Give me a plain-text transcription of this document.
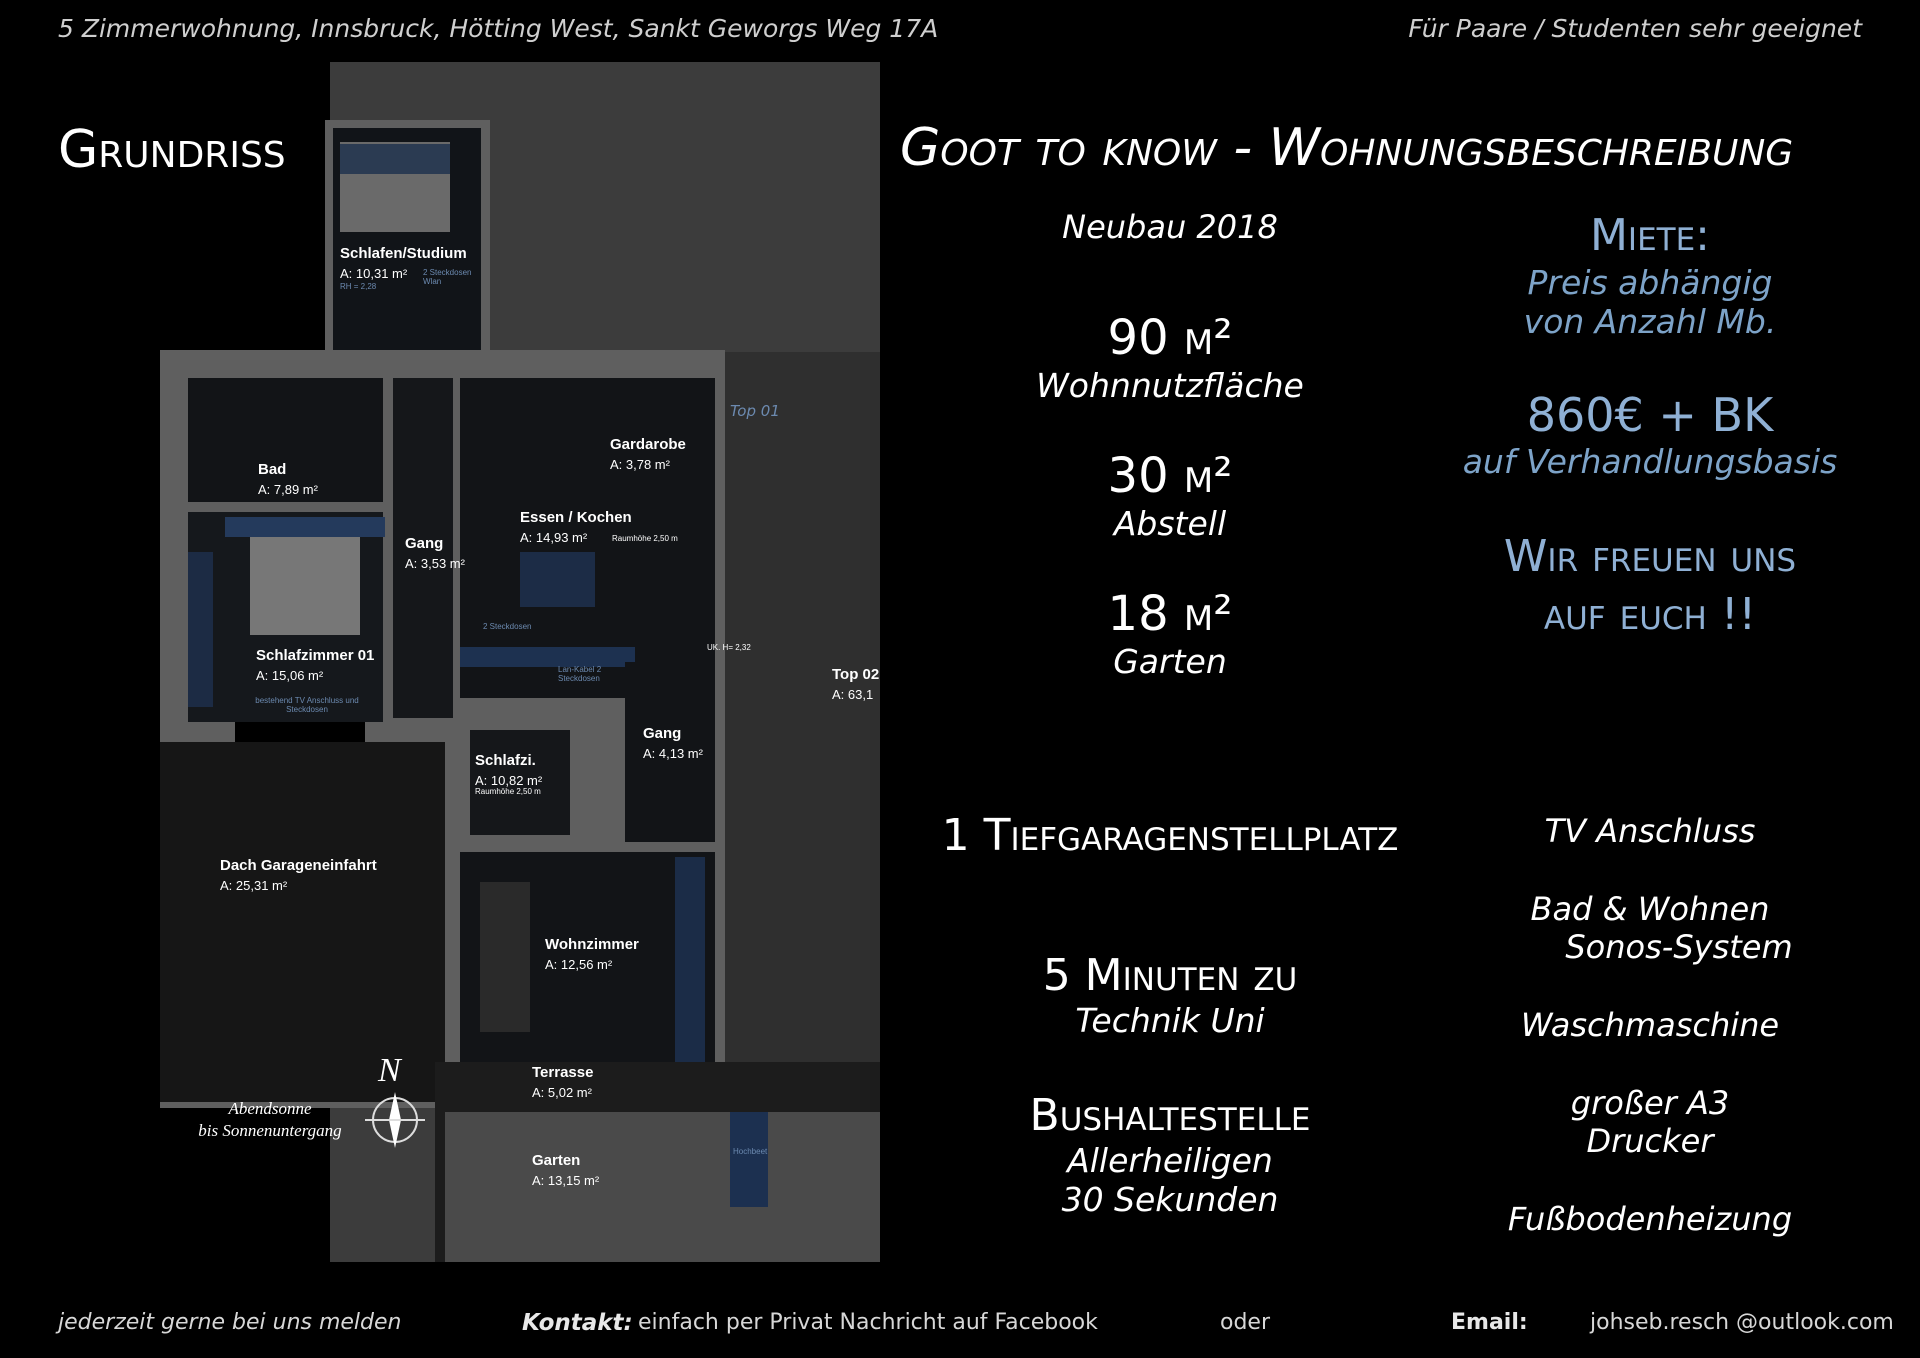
5 Zimmerwohnung, Innsbruck, Hötting West, Sankt Geworgs Weg 17A	Für Paare / Studenten sehr geeignet
Schlafen/Studium
A: 10,31 m²
RH = 2,28
2 Steckdosen Wlan
Bad
A: 7,89 m²
Gardarobe
A: 3,78 m²
Top 01
Essen / Kochen
A: 14,93 m²	Raumhöhe 2,50 m
Gang
A: 3,53 m²
2 Steckdosen
Schlafzimmer 01
A: 15,06 m²
bestehend TV Anschluss und Steckdosen
Lan-Kabel 2 Steckdosen
UK. H= 2,32
Gang
A: 4,13 m²
Schlafzi.
A: 10,82 m²
Raumhöhe 2,50 m
Dach Garageneinfahrt
A: 25,31 m²
Wohnzimmer
A: 12,56 m²
Terrasse
A: 5,02 m²
Garten
A: 13,15 m²
Hochbeet
Top 02
A: 63,1
N
Abendsonne
bis Sonnenuntergang
Grundriss	Goot to know - Wohnungsbeschreibung
Neubau 2018
90 m²
Wohnnutzfläche
30 m²
Abstell
18 m²
Garten
Miete:
Preis abhängig
von Anzahl Mb.
860€ + BK
auf Verhandlungsbasis
Wir freuen uns
auf euch !!
1 Tiefgaragenstellplatz
5 Minuten zu
Technik Uni
Bushaltestelle
Allerheiligen
30 Sekunden
TV Anschluss
Bad & Wohnen
Sonos-System
Waschmaschine
großer A3
Drucker
Fußbodenheizung
jederzeit gerne bei uns melden	Kontakt: einfach per Privat Nachricht auf Facebook	oder	Email:	johseb.resch @outlook.com
